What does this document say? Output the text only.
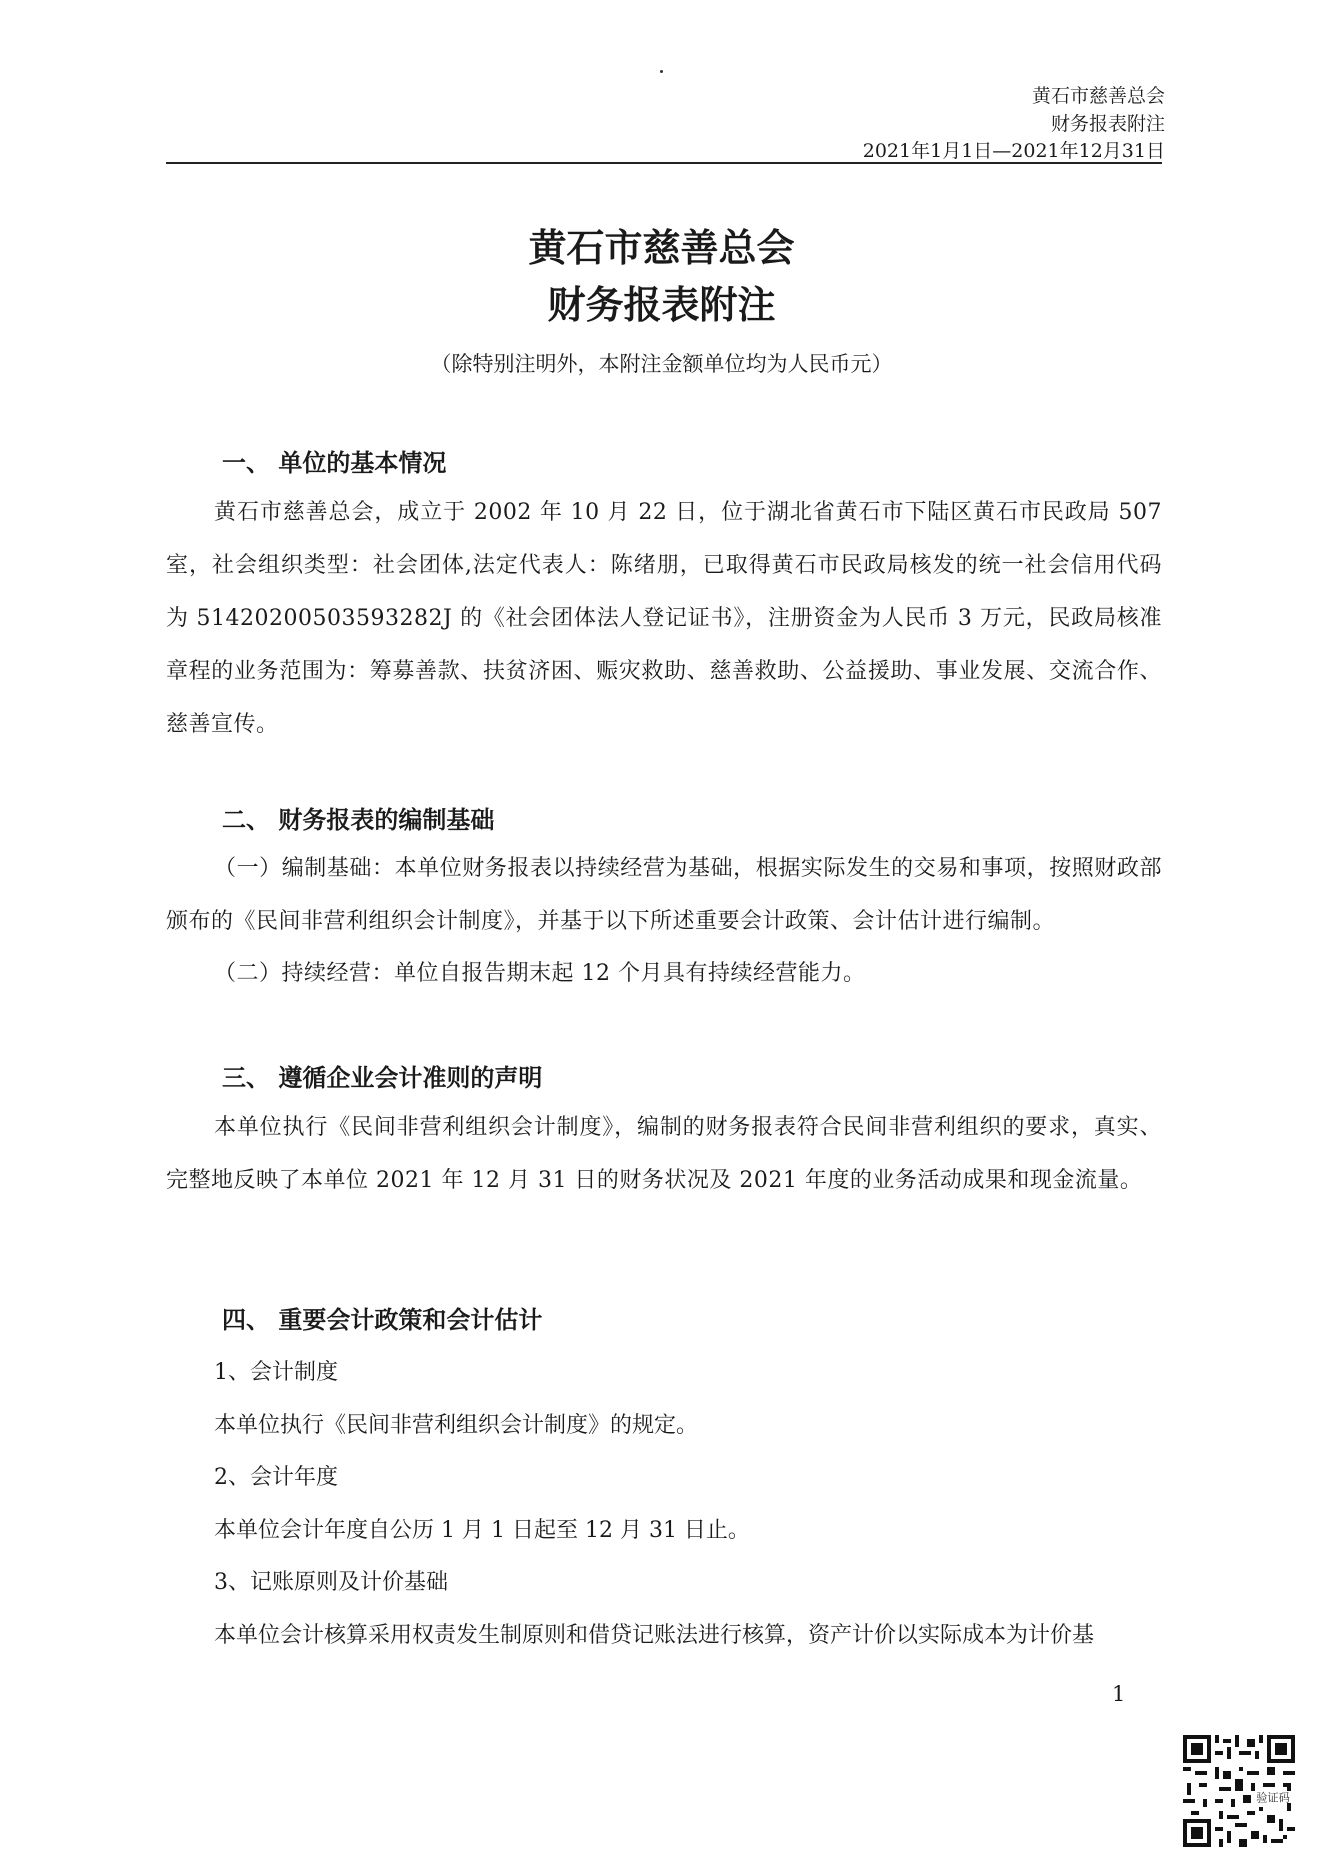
黄石市慈善总会
财务报表附注
2021年1月1日—2021年12月31日
黄石市慈善总会
财务报表附注
（除特别注明外，本附注金额单位均为人民币元）
一、 单位的基本情况
黄石市慈善总会，成立于 2002 年 10 月 22 日，位于湖北省黄石市下陆区黄石市民政局 507 室，社会组织类型：社会团体,法定代表人：陈绪朋，已取得黄石市民政局核发的统一社会信用代码为 51420200503593282J 的《社会团体法人登记证书》，注册资金为人民币 3 万元，民政局核准章程的业务范围为：筹募善款、扶贫济困、赈灾救助、慈善救助、公益援助、事业发展、交流合作、慈善宣传。
二、 财务报表的编制基础
（一）编制基础：本单位财务报表以持续经营为基础，根据实际发生的交易和事项，按照财政部颁布的《民间非营利组织会计制度》，并基于以下所述重要会计政策、会计估计进行编制。
（二）持续经营：单位自报告期末起 12 个月具有持续经营能力。
三、 遵循企业会计准则的声明
本单位执行《民间非营利组织会计制度》，编制的财务报表符合民间非营利组织的要求，真实、完整地反映了本单位 2021 年 12 月 31 日的财务状况及 2021 年度的业务活动成果和现金流量。
四、 重要会计政策和会计估计
1、会计制度
本单位执行《民间非营利组织会计制度》的规定。
2、会计年度
本单位会计年度自公历 1 月 1 日起至 12 月 31 日止。
3、记账原则及计价基础
本单位会计核算采用权责发生制原则和借贷记账法进行核算，资产计价以实际成本为计价基
1
验证码
